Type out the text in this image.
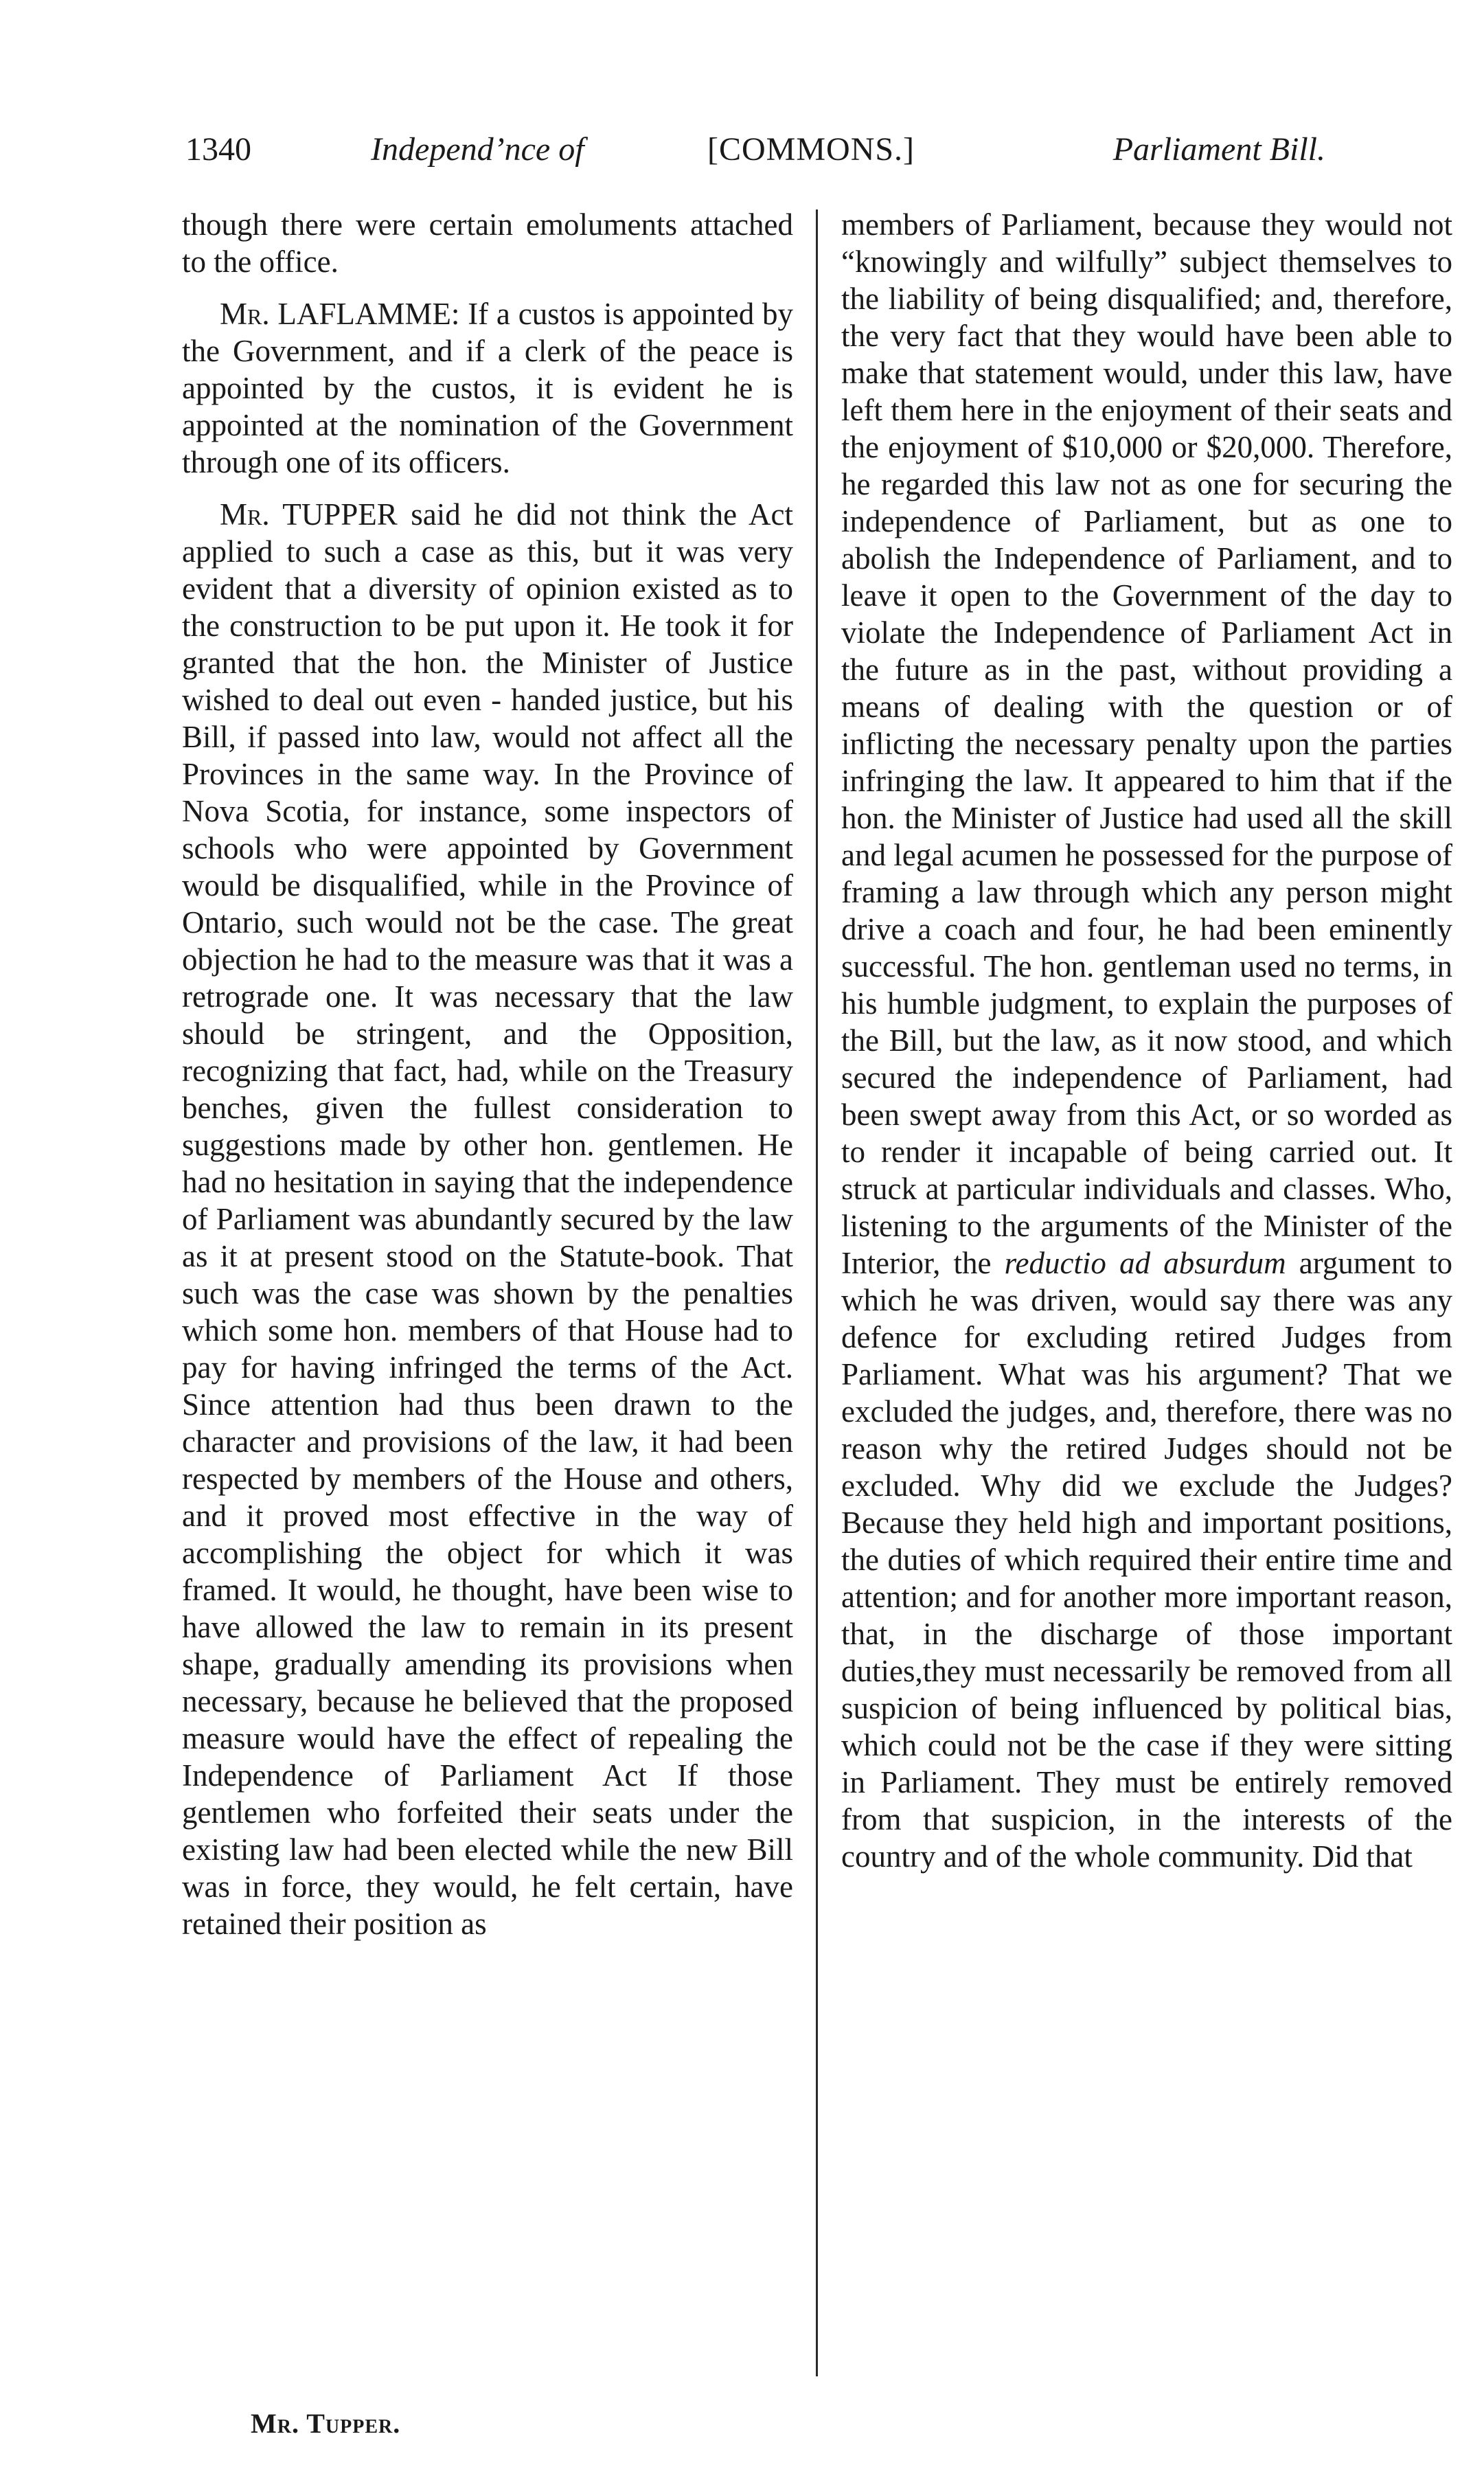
1340	Independ’nce of	[COMMONS.]	Parliament Bill.

though there were certain emoluments attached to the office.

Mr. LAFLAMME: If a custos is appointed by the Government, and if a clerk of the peace is appointed by the custos, it is evident he is appointed at the nomination of the Government through one of its officers.

Mr. TUPPER said he did not think the Act applied to such a case as this, but it was very evident that a diversity of opinion existed as to the construction to be put upon it. He took it for granted that the hon. the Minister of Justice wished to deal out even - handed justice, but his Bill, if passed into law, would not affect all the Provinces in the same way. In the Province of Nova Scotia, for instance, some inspectors of schools who were appointed by Government would be disqualified, while in the Province of Ontario, such would not be the case. The great objection he had to the measure was that it was a retrograde one. It was necessary that the law should be stringent, and the Opposition, recognizing that fact, had, while on the Treasury benches, given the fullest consideration to suggestions made by other hon. gentlemen. He had no hesitation in saying that the independence of Parliament was abundantly secured by the law as it at present stood on the Statute-book. That such was the case was shown by the penalties which some hon. members of that House had to pay for having infringed the terms of the Act. Since attention had thus been drawn to the character and provisions of the law, it had been respected by members of the House and others, and it proved most effective in the way of accomplishing the object for which it was framed. It would, he thought, have been wise to have allowed the law to remain in its present shape, gradually amending its provisions when necessary, because he believed that the proposed measure would have the effect of repealing the Independence of Parliament Act If those gentlemen who forfeited their seats under the existing law had been elected while the new Bill was in force, they would, he felt certain, have retained their position as

members of Parliament, because they would not “knowingly and wilfully” subject themselves to the liability of being disqualified; and, therefore, the very fact that they would have been able to make that statement would, under this law, have left them here in the enjoyment of their seats and the enjoyment of $10,000 or $20,000. Therefore, he regarded this law not as one for securing the independence of Parliament, but as one to abolish the Independence of Parliament, and to leave it open to the Government of the day to violate the Independence of Parliament Act in the future as in the past, without providing a means of dealing with the question or of inflicting the necessary penalty upon the parties infringing the law. It appeared to him that if the hon. the Minister of Justice had used all the skill and legal acumen he possessed for the purpose of framing a law through which any person might drive a coach and four, he had been eminently successful. The hon. gentleman used no terms, in his humble judgment, to explain the purposes of the Bill, but the law, as it now stood, and which secured the independence of Parliament, had been swept away from this Act, or so worded as to render it incapable of being carried out. It struck at particular individuals and classes. Who, listening to the arguments of the Minister of the Interior, the reductio ad absurdum argument to which he was driven, would say there was any defence for excluding retired Judges from Parliament. What was his argument? That we excluded the judges, and, therefore, there was no reason why the retired Judges should not be excluded. Why did we exclude the Judges? Because they held high and important positions, the duties of which required their entire time and attention; and for another more important reason, that, in the discharge of those important duties,they must necessarily be removed from all suspicion of being influenced by political bias, which could not be the case if they were sitting in Parliament. They must be entirely removed from that suspicion, in the interests of the country and of the whole community. Did that

Mr. Tupper.
